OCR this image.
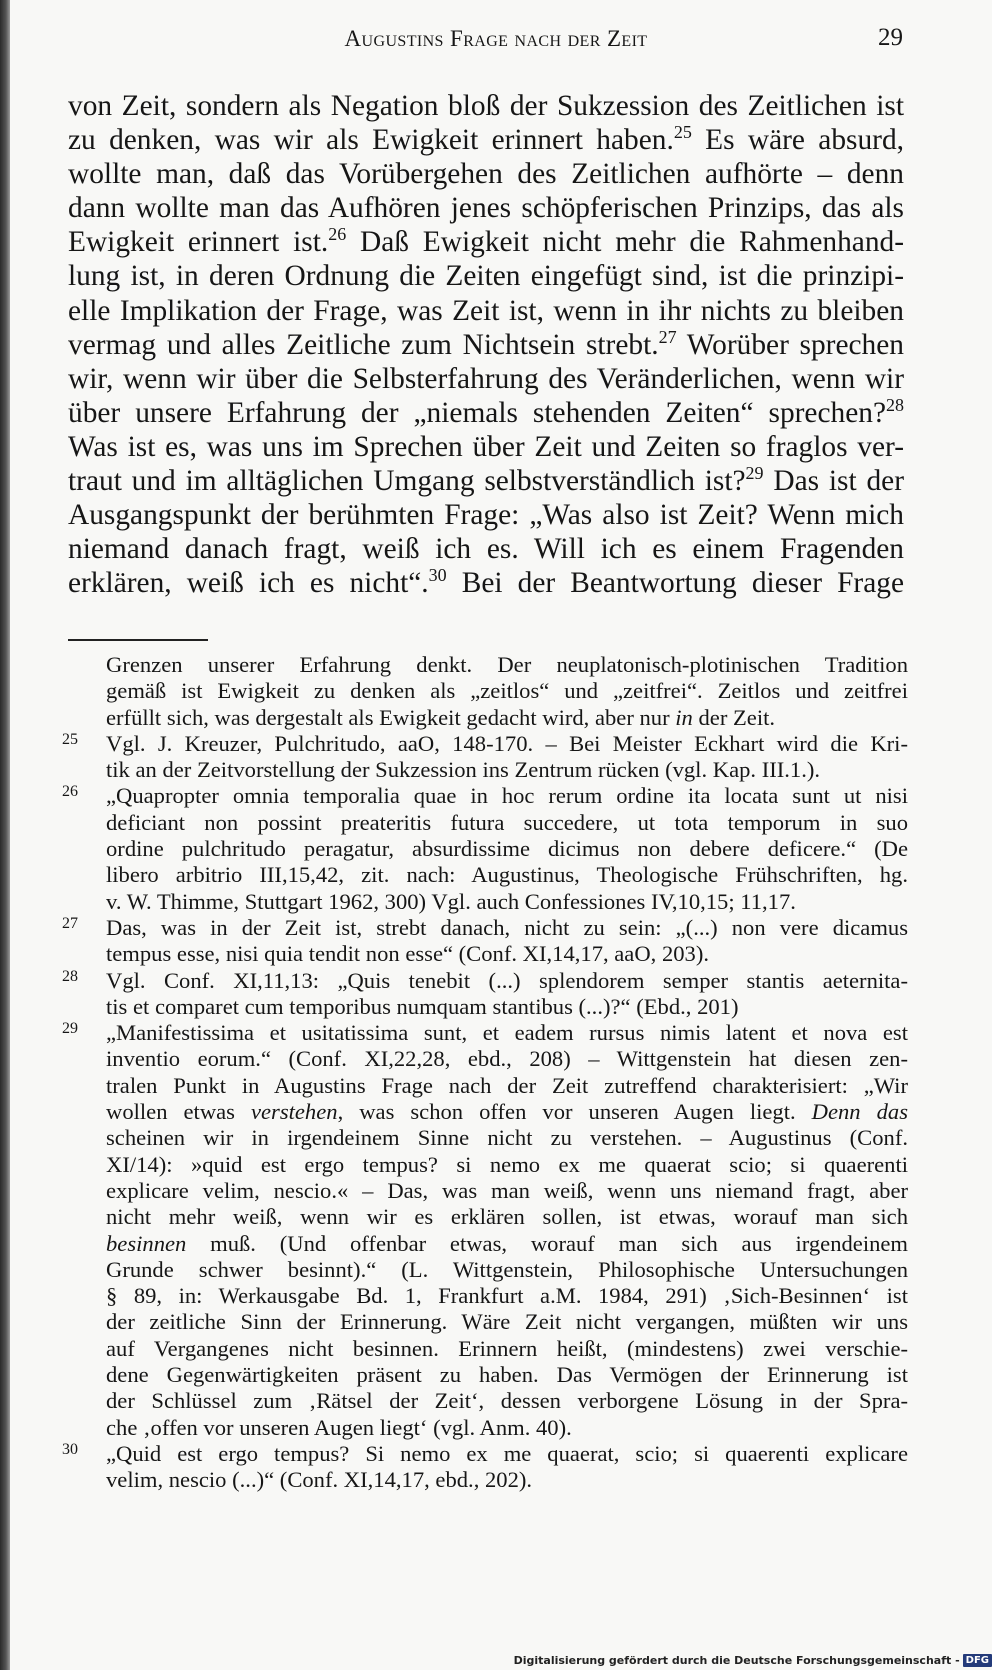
Augustins Frage nach der Zeit	29
von Zeit, sondern als Negation bloß der Sukzession des Zeitlichen ist
zu denken, was wir als Ewigkeit erinnert haben.$^{25}$ Es wäre absurd,
wollte man, daß das Vorübergehen des Zeitlichen aufhörte – denn
dann wollte man das Aufhören jenes schöpferischen Prinzips, das als
Ewigkeit erinnert ist.$^{26}$ Daß Ewigkeit nicht mehr die Rahmenhand-
lung ist, in deren Ordnung die Zeiten eingefügt sind, ist die prinzipi-
elle Implikation der Frage, was Zeit ist, wenn in ihr nichts zu bleiben
vermag und alles Zeitliche zum Nichtsein strebt.$^{27}$ Worüber sprechen
wir, wenn wir über die Selbsterfahrung des Veränderlichen, wenn wir
über unsere Erfahrung der „niemals stehenden Zeiten“ sprechen?$^{28}$
Was ist es, was uns im Sprechen über Zeit und Zeiten so fraglos ver-
traut und im alltäglichen Umgang selbstverständlich ist?$^{29}$ Das ist der
Ausgangspunkt der berühmten Frage: „Was also ist Zeit? Wenn mich
niemand danach fragt, weiß ich es. Will ich es einem Fragenden
erklären, weiß ich es nicht“.$^{30}$ Bei der Beantwortung dieser Frage
Grenzen unserer Erfahrung denkt. Der neuplatonisch-plotinischen Tradition
gemäß ist Ewigkeit zu denken als „zeitlos“ und „zeitfrei“. Zeitlos und zeitfrei
erfüllt sich, was dergestalt als Ewigkeit gedacht wird, aber nur in der Zeit.
25 Vgl. J. Kreuzer, Pulchritudo, aaO, 148-170. – Bei Meister Eckhart wird die Kri-
tik an der Zeitvorstellung der Sukzession ins Zentrum rücken (vgl. Kap. III.1.).
26 „Quapropter omnia temporalia quae in hoc rerum ordine ita locata sunt ut nisi
deficiant non possint preateritis futura succedere, ut tota temporum in suo
ordine pulchritudo peragatur, absurdissime dicimus non debere deficere.“ (De
libero arbitrio III,15,42, zit. nach: Augustinus, Theologische Frühschriften, hg.
v. W. Thimme, Stuttgart 1962, 300) Vgl. auch Confessiones IV,10,15; 11,17.
27 Das, was in der Zeit ist, strebt danach, nicht zu sein: „(...) non vere dicamus
tempus esse, nisi quia tendit non esse“ (Conf. XI,14,17, aaO, 203).
28 Vgl. Conf. XI,11,13: „Quis tenebit (...) splendorem semper stantis aeternita-
tis et comparet cum temporibus numquam stantibus (...)?“ (Ebd., 201)
29 „Manifestissima et usitatissima sunt, et eadem rursus nimis latent et nova est
inventio eorum.“ (Conf. XI,22,28, ebd., 208) – Wittgenstein hat diesen zen-
tralen Punkt in Augustins Frage nach der Zeit zutreffend charakterisiert: „Wir
wollen etwas verstehen, was schon offen vor unseren Augen liegt. Denn das
scheinen wir in irgendeinem Sinne nicht zu verstehen. – Augustinus (Conf.
XI/14): »quid est ergo tempus? si nemo ex me quaerat scio; si quaerenti
explicare velim, nescio.« – Das, was man weiß, wenn uns niemand fragt, aber
nicht mehr weiß, wenn wir es erklären sollen, ist etwas, worauf man sich
besinnen muß. (Und offenbar etwas, worauf man sich aus irgendeinem
Grunde schwer besinnt).“ (L. Wittgenstein, Philosophische Untersuchungen
§ 89, in: Werkausgabe Bd. 1, Frankfurt a.M. 1984, 291) ‚Sich-Besinnen‘ ist
der zeitliche Sinn der Erinnerung. Wäre Zeit nicht vergangen, müßten wir uns
auf Vergangenes nicht besinnen. Erinnern heißt, (mindestens) zwei verschie-
dene Gegenwärtigkeiten präsent zu haben. Das Vermögen der Erinnerung ist
der Schlüssel zum ‚Rätsel der Zeit‘, dessen verborgene Lösung in der Spra-
che ‚offen vor unseren Augen liegt‘ (vgl. Anm. 40).
30 „Quid est ergo tempus? Si nemo ex me quaerat, scio; si quaerenti explicare
velim, nescio (...)“ (Conf. XI,14,17, ebd., 202).
Digitalisierung gefördert durch die Deutsche Forschungsgemeinschaft - DFG
